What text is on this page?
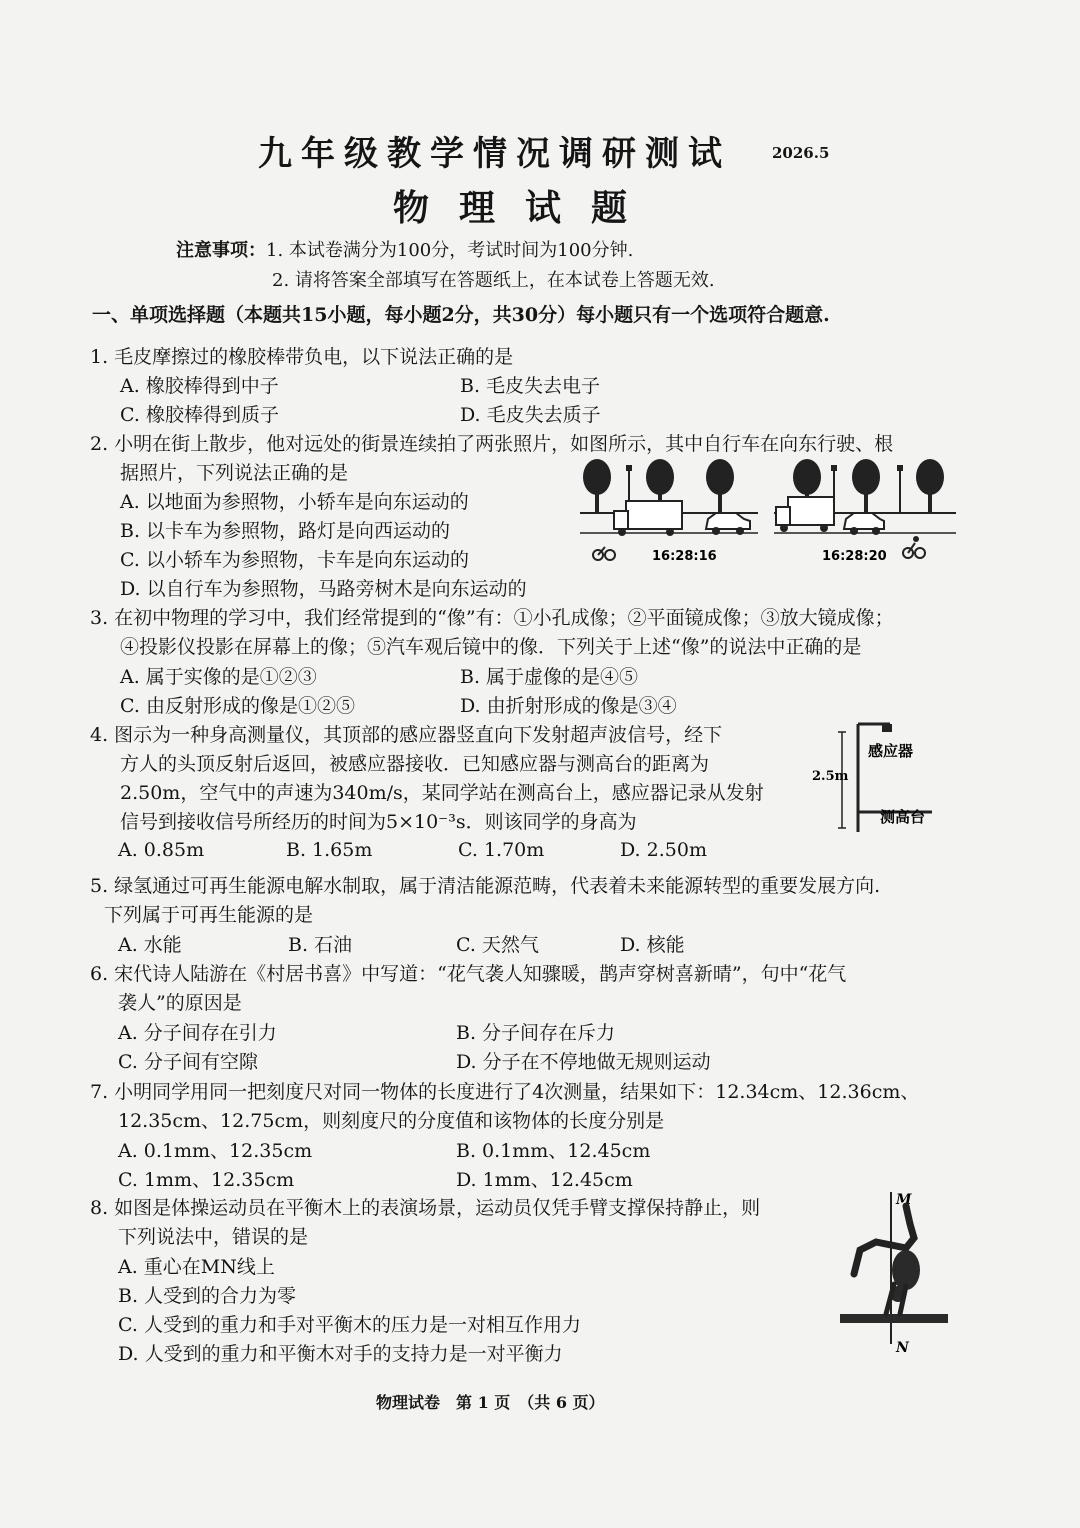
九年级教学情况调研测试	2026.5
物理试题
注意事项：1. 本试卷满分为100分，考试时间为100分钟.
2. 请将答案全部填写在答题纸上，在本试卷上答题无效.
一、单项选择题（本题共15小题，每小题2分，共30分）每小题只有一个选项符合题意.
1. 毛皮摩擦过的橡胶棒带负电，以下说法正确的是
A. 橡胶棒得到中子	B. 毛皮失去电子
C. 橡胶棒得到质子	D. 毛皮失去质子
2. 小明在街上散步，他对远处的街景连续拍了两张照片，如图所示，其中自行车在向东行驶、根
据照片，下列说法正确的是
A. 以地面为参照物，小轿车是向东运动的
B. 以卡车为参照物，路灯是向西运动的
C. 以小轿车为参照物，卡车是向东运动的
D. 以自行车为参照物，马路旁树木是向东运动的
16:28:16	16:28:20
3. 在初中物理的学习中，我们经常提到的“像”有：①小孔成像；②平面镜成像；③放大镜成像；
④投影仪投影在屏幕上的像；⑤汽车观后镜中的像．下列关于上述“像”的说法中正确的是
A. 属于实像的是①②③	B. 属于虚像的是④⑤
C. 由反射形成的像是①②⑤	D. 由折射形成的像是③④
4. 图示为一种身高测量仪，其顶部的感应器竖直向下发射超声波信号，经下
方人的头顶反射后返回，被感应器接收．已知感应器与测高台的距离为
2.50m，空气中的声速为340m/s，某同学站在测高台上，感应器记录从发射
信号到接收信号所经历的时间为5×10⁻³s．则该同学的身高为
A. 0.85m	B. 1.65m	C. 1.70m	D. 2.50m
感应器
2.5m
测高台
5. 绿氢通过可再生能源电解水制取，属于清洁能源范畴，代表着未来能源转型的重要发展方向.
下列属于可再生能源的是
A. 水能	B. 石油	C. 天然气	D. 核能
6. 宋代诗人陆游在《村居书喜》中写道：“花气袭人知骤暖，鹊声穿树喜新晴”，句中“花气
袭人”的原因是
A. 分子间存在引力	B. 分子间存在斥力
C. 分子间有空隙	D. 分子在不停地做无规则运动
7. 小明同学用同一把刻度尺对同一物体的长度进行了4次测量，结果如下：12.34cm、12.36cm、
12.35cm、12.75cm，则刻度尺的分度值和该物体的长度分别是
A. 0.1mm、12.35cm	B. 0.1mm、12.45cm
C. 1mm、12.35cm	D. 1mm、12.45cm
8. 如图是体操运动员在平衡木上的表演场景，运动员仅凭手臂支撑保持静止，则
下列说法中，错误的是
A. 重心在MN线上
B. 人受到的合力为零
C. 人受到的重力和手对平衡木的压力是一对相互作用力
D. 人受到的重力和平衡木对手的支持力是一对平衡力
M
N
物理试卷　第 1 页　（共 6 页）
